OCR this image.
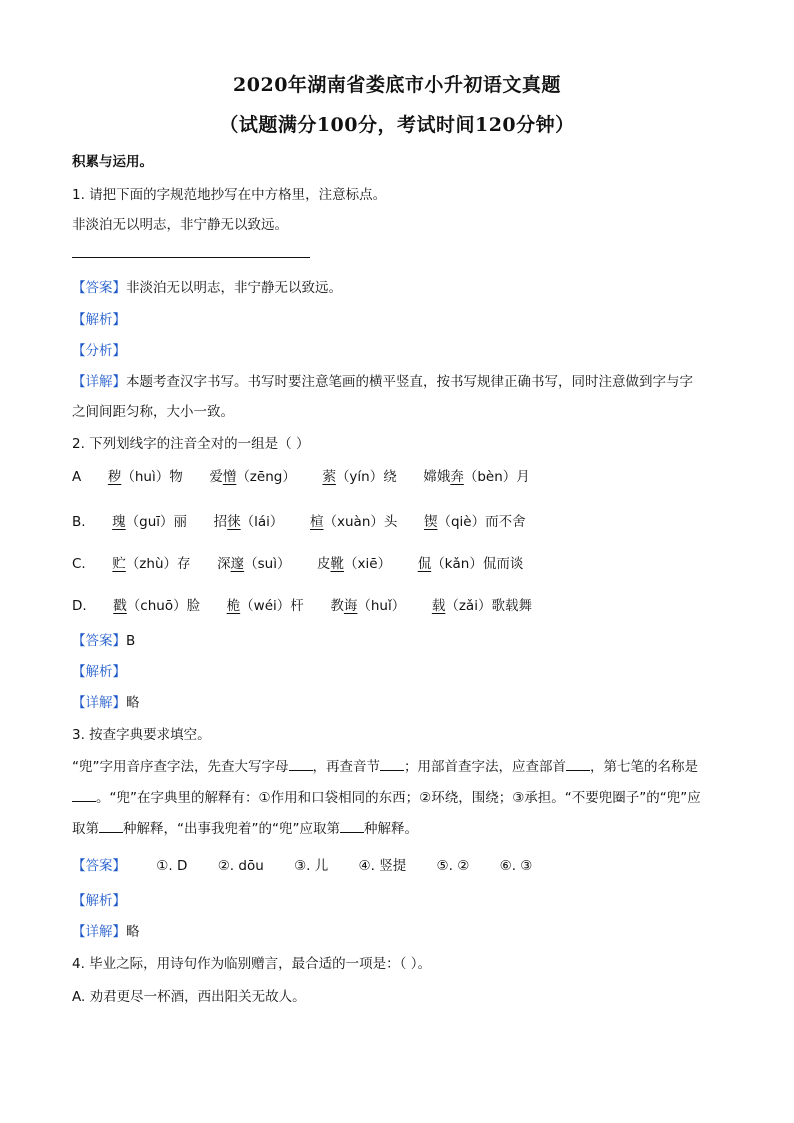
2020年湖南省娄底市小升初语文真题
（试题满分100分，考试时间120分钟）
积累与运用。
1. 请把下面的字规范地抄写在中方格里，注意标点。
非淡泊无以明志，非宁静无以致远。
【答案】非淡泊无以明志，非宁静无以致远。
【解析】
【分析】
【详解】本题考查汉字书写。书写时要注意笔画的横平竖直，按书写规律正确书写，同时注意做到字与字
之间间距匀称，大小一致。
2. 下列划线字的注音全对的一组是（ ）
A 秽（huì）物 爱憎（zēng） 萦（yín）绕 嫦娥奔（bèn）月
B. 瑰（guī）丽 招徕（lái） 楦（xuàn）头 锲（qiè）而不舍
C. 贮（zhù）存 深邃（suì） 皮靴（xiē） 侃（kǎn）侃而谈
D. 戳（chuō）脸 桅（wéi）杆 教诲（huǐ） 载（zǎi）歌载舞
【答案】B
【解析】
【详解】略
3. 按查字典要求填空。
“兜”字用音序查字法，先查大写字母 ，再查音节 ；用部首查字法，应查部首 ，第七笔的名称是
。“兜”在字典里的解释有：①作用和口袋相同的东西；②环绕，围绕；③承担。“不要兜圈子”的“兜”应
取第 种解释，“出事我兜着”的“兜”应取第 种解释。
【答案】 ①. D ②. dōu ③. 儿 ④. 竖提 ⑤. ② ⑥. ③
【解析】
【详解】略
4. 毕业之际，用诗句作为临别赠言，最合适的一项是：（ ）。
A. 劝君更尽一杯酒，西出阳关无故人。
